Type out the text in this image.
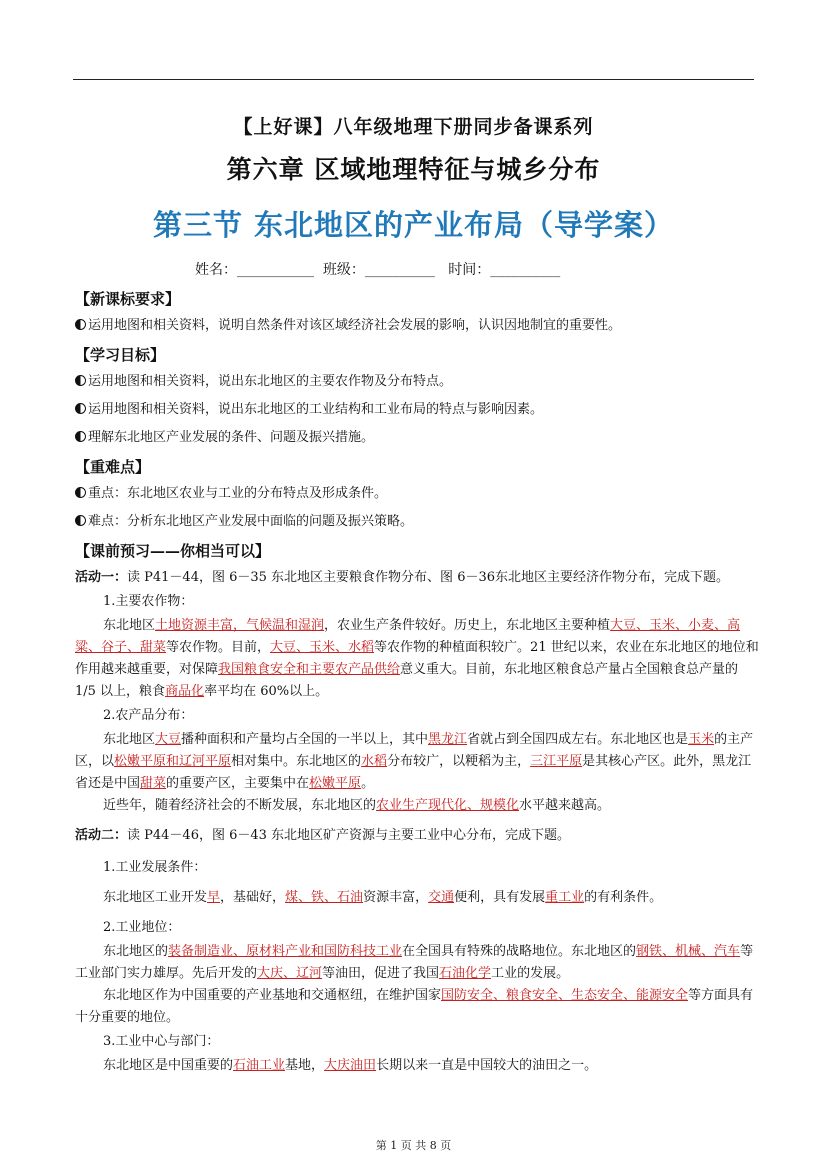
【上好课】八年级地理下册同步备课系列
第六章 区域地理特征与城乡分布
第三节 东北地区的产业布局（导学案）
姓名：___________  班级：__________   时间：__________
【新课标要求】
运用地图和相关资料，说明自然条件对该区域经济社会发展的影响，认识因地制宜的重要性。
【学习目标】
运用地图和相关资料，说出东北地区的主要农作物及分布特点。
运用地图和相关资料，说出东北地区的工业结构和工业布局的特点与影响因素。
理解东北地区产业发展的条件、问题及振兴措施。
【重难点】
重点：东北地区农业与工业的分布特点及形成条件。
难点：分析东北地区产业发展中面临的问题及振兴策略。
【课前预习——你相当可以】
活动一：读 P41－44，图 6－35 东北地区主要粮食作物分布、图 6－36东北地区主要经济作物分布，完成下题。
1.主要农作物：

东北地区土地资源丰富，气候温和湿润，农业生产条件较好。历史上，东北地区主要种植大豆、玉米、小麦、高粱、谷子、甜菜等农作物。目前，大豆、玉米、水稻等农作物的种植面积较广。21 世纪以来，农业在东北地区的地位和作用越来越重要，对保障我国粮食安全和主要农产品供给意义重大。目前，东北地区粮食总产量占全国粮食总产量的 1/5 以上，粮食商品化率平均在 60%以上。

2.农产品分布：

东北地区大豆播种面积和产量均占全国的一半以上，其中黑龙江省就占到全国四成左右。东北地区也是玉米的主产区，以松嫩平原和辽河平原相对集中。东北地区的水稻分布较广，以粳稻为主，三江平原是其核心产区。此外，黑龙江省还是中国甜菜的重要产区，主要集中在松嫩平原。

近些年，随着经济社会的不断发展，东北地区的农业生产现代化、规模化水平越来越高。

活动二：读 P44－46，图 6－43 东北地区矿产资源与主要工业中心分布，完成下题。
1.工业发展条件：

东北地区工业开发早，基础好，煤、铁、石油资源丰富，交通便利，具有发展重工业的有利条件。

2.工业地位：

东北地区的装备制造业、原材料产业和国防科技工业在全国具有特殊的战略地位。东北地区的钢铁、机械、汽车等工业部门实力雄厚。先后开发的大庆、辽河等油田，促进了我国石油化学工业的发展。

东北地区作为中国重要的产业基地和交通枢纽，在维护国家国防安全、粮食安全、生态安全、能源安全等方面具有十分重要的地位。

3.工业中心与部门：

东北地区是中国重要的石油工业基地，大庆油田长期以来一直是中国较大的油田之一。

第 1 页 共 8 页
